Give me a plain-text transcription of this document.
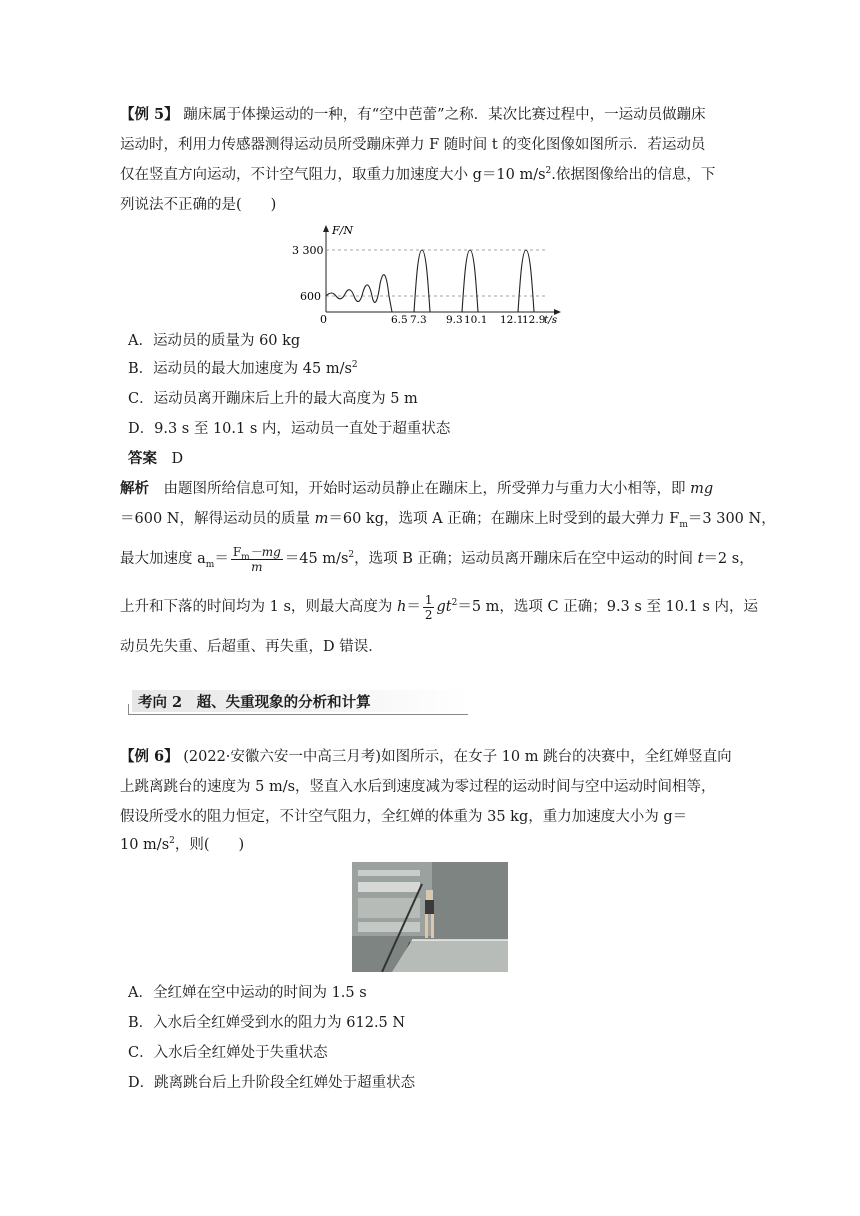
【例 5】 蹦床属于体操运动的一种，有“空中芭蕾”之称．某次比赛过程中，一运动员做蹦床
运动时，利用力传感器测得运动员所受蹦床弹力 F 随时间 t 的变化图像如图所示．若运动员
仅在竖直方向运动，不计空气阻力，取重力加速度大小 g＝10 $m/s^2$.依据图像给出的信息，下
列说法不正确的是(　　)
F/N
3 300
600
0	6.5 7.3 9.3 10.1 12.1
12.9
t/s
A．运动员的质量为 60 kg
B．运动员的最大加速度为 45 $m/s^2$
C．运动员离开蹦床后上升的最大高度为 5 m
D．9.3 s 至 10.1 s 内，运动员一直处于超重状态
答案　 D
解析　 由题图所给信息可知，开始时运动员静止在蹦床上，所受弹力与重力大小相等，即 mg
＝600 N，解得运动员的质量 m＝60 kg，选项 A 正确；在蹦床上时受到的最大弹力 $F_m=3$ 300 N，
最大加速度 $a_m= \frac{F_m-mg}{m} =45$ $m/s^2$，选项 B 正确；运动员离开蹦床后在空中运动的时间 t＝2 s，
上升和下落的时间均为 1 s，则最大高度为 $h= \frac{1}{2} gt^2=5$ m，选项 C 正确；9.3 s 至 10.1 s 内，运
动员先失重、后超重、再失重，D 错误．
考向 2　超、失重现象的分析和计算
【例 6】 (2022·安徽六安一中高三月考)如图所示，在女子 10 m 跳台的决赛中，全红婵竖直向
上跳离跳台的速度为 5 m/s，竖直入水后到速度减为零过程的运动时间与空中运动时间相等，
假设所受水的阻力恒定，不计空气阻力，全红婵的体重为 35 kg，重力加速度大小为 g＝
10 $m/s^2$，则(　　)
A．全红婵在空中运动的时间为 1.5 s
B．入水后全红婵受到水的阻力为 612.5 N
C．入水后全红婵处于失重状态
D．跳离跳台后上升阶段全红婵处于超重状态
